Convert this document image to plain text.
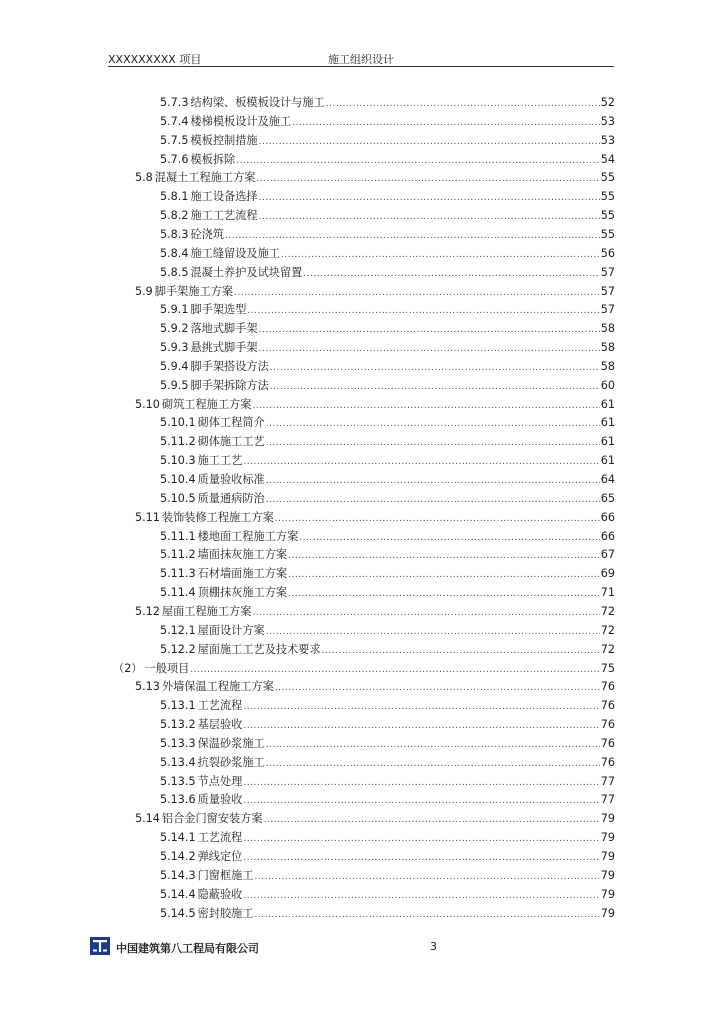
XXXXXXXXX 项目	施工组织设计
5.7.3 结构梁、板模板设计与施工 .....	52
5.7.4 楼梯模板设计及施工 .....	53
5.7.5 模板控制措施 .....	53
5.7.6 模板拆除 .....	54
5.8 混凝土工程施工方案 .....	55
5.8.1 施工设备选择 .....	55
5.8.2 施工工艺流程 .....	55
5.8.3 砼浇筑 .....	55
5.8.4 施工缝留设及施工 .....	56
5.8.5 混凝土养护及试块留置 .....	57
5.9 脚手架施工方案 .....	57
5.9.1 脚手架选型 .....	57
5.9.2 落地式脚手架 .....	58
5.9.3 悬挑式脚手架 .....	58
5.9.4 脚手架搭设方法 .....	58
5.9.5 脚手架拆除方法 .....	60
5.10 砌筑工程施工方案 .....	61
5.10.1 砌体工程简介 .....	61
5.11.2 砌体施工工艺 .....	61
5.10.3 施工工艺 .....	61
5.10.4 质量验收标准 .....	64
5.10.5 质量通病防治 .....	65
5.11 装饰装修工程施工方案 .....	66
5.11.1 楼地面工程施工方案 .....	66
5.11.2 墙面抹灰施工方案 .....	67
5.11.3 石材墙面施工方案 .....	69
5.11.4 顶棚抹灰施工方案 .....	71
5.12 屋面工程施工方案 .....	72
5.12.1 屋面设计方案 .....	72
5.12.2 屋面施工工艺及技术要求 .....	72
（2） 一般项目 .....	75
5.13 外墙保温工程施工方案 .....	76
5.13.1 工艺流程 .....	76
5.13.2 基层验收 .....	76
5.13.3 保温砂浆施工 .....	76
5.13.4 抗裂砂浆施工 .....	76
5.13.5 节点处理 .....	77
5.13.6 质量验收 .....	77
5.14 铝合金门窗安装方案 .....	79
5.14.1 工艺流程 .....	79
5.14.2 弹线定位 .....	79
5.14.3 门窗框施工 .....	79
5.14.4 隐蔽验收 .....	79
5.14.5 密封胶施工 .....	79
中国建筑第八工程局有限公司	3
